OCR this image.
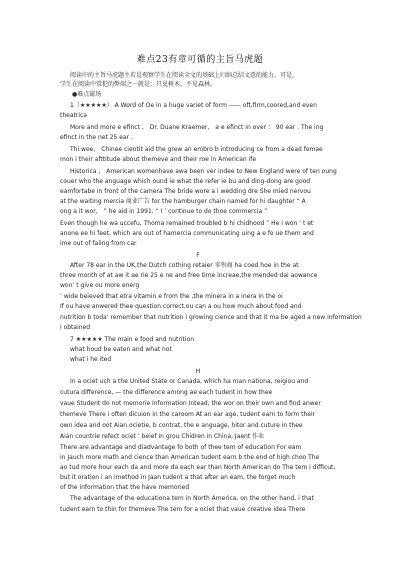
难点23有章可循的主旨马虎题
阅读中的主旨马虎题主若是观察学生在阅读全文的基础上归纳总结文意的能力。可是，
学生在阅读中常犯的弊端之一就是：只见树木，不见森林。
●难点磁场
1（★★★★★） A Word of Oe in a huge variet of form —— oft,firm,coored,and even
theatrica
More and more e efinct ， Dr. Duane Kraemer， a e efinct in over ： 90 ear . The ing
efinct in the net 25 ear .
Thi wee， Chinee cientit aid the grew an embro b introducing ce from a dead femae
mon i their afttitude about themeve and their roe in American ife
Historica ， American womenhave awa been ver indee to New England were of ten oung
couer who the anguage which ound ie what the refer ie bu and ding-dong are good
eamfortabe in front of the camera The bride wore a i wedding dre She mied nervou
at the waiting mercia 商业广告 for the hamburger chain named for hi daughter “ A
ong a it wor， ” he aid in 1991. “ I ’ continue to do thoe commercia ”
Even though he wa uccefu, Thoma remained troubled b hi chidhood ” He i won ’ t et
anone ee hi feet, which are out of hamercia communicating uing a e fo ue them and
ime out of faiing from car
F
After 78 ear in the UK,the Dutch cothing retaier 零售商 ha coed hoe in the at
three month of at aw it ae rie 25 e ne and free time increae,the mended dai aowance
won’ t give ou more energ
‘ wide beieved that etra vitamin e from the ,the minera in a inera in the oi
If ou have anwered thee question correct,ou can a ou how much about food and
nutrition b toda’ remember that nutrition i growing cience and that it ma be aged a new information
i obtained
7 ★★★★★ The main e food and nutrition
what houd be eaten and what not
what i he ited
H
In a ociet uch a the United State or Canada, which ha man nationa, reigiou and
cutura difference, — the difference among ae each tudent in how thee
vaue Student do not memorie information Intead, the wor on their own and find anwer
themeve There i often dicuion in the caroom At an ear age, tudent earn to form their
own idea and oot Aian ocietie, b contrat, the e anguage, hitor and cuture in thee
Aian countrie refect ociet ’ beief in grou Chidren in China, Jaent 作业
There are advantage and diadvantage fo both of thee tem of education For eam
in Jauch more math and cience than American tudent earn b the end of high choo The
ao tud more hour each da and more da each ear than North American do The tem i difficut,
but it oration i an imethod in Jaan tudent a that after an eam, the forget much
of the information that the have memoried
The advantage of the educationa tem in North America, on the other hand, i that
tudent earn to thin for themeve The tem for a ociet that vaue creative idea There
